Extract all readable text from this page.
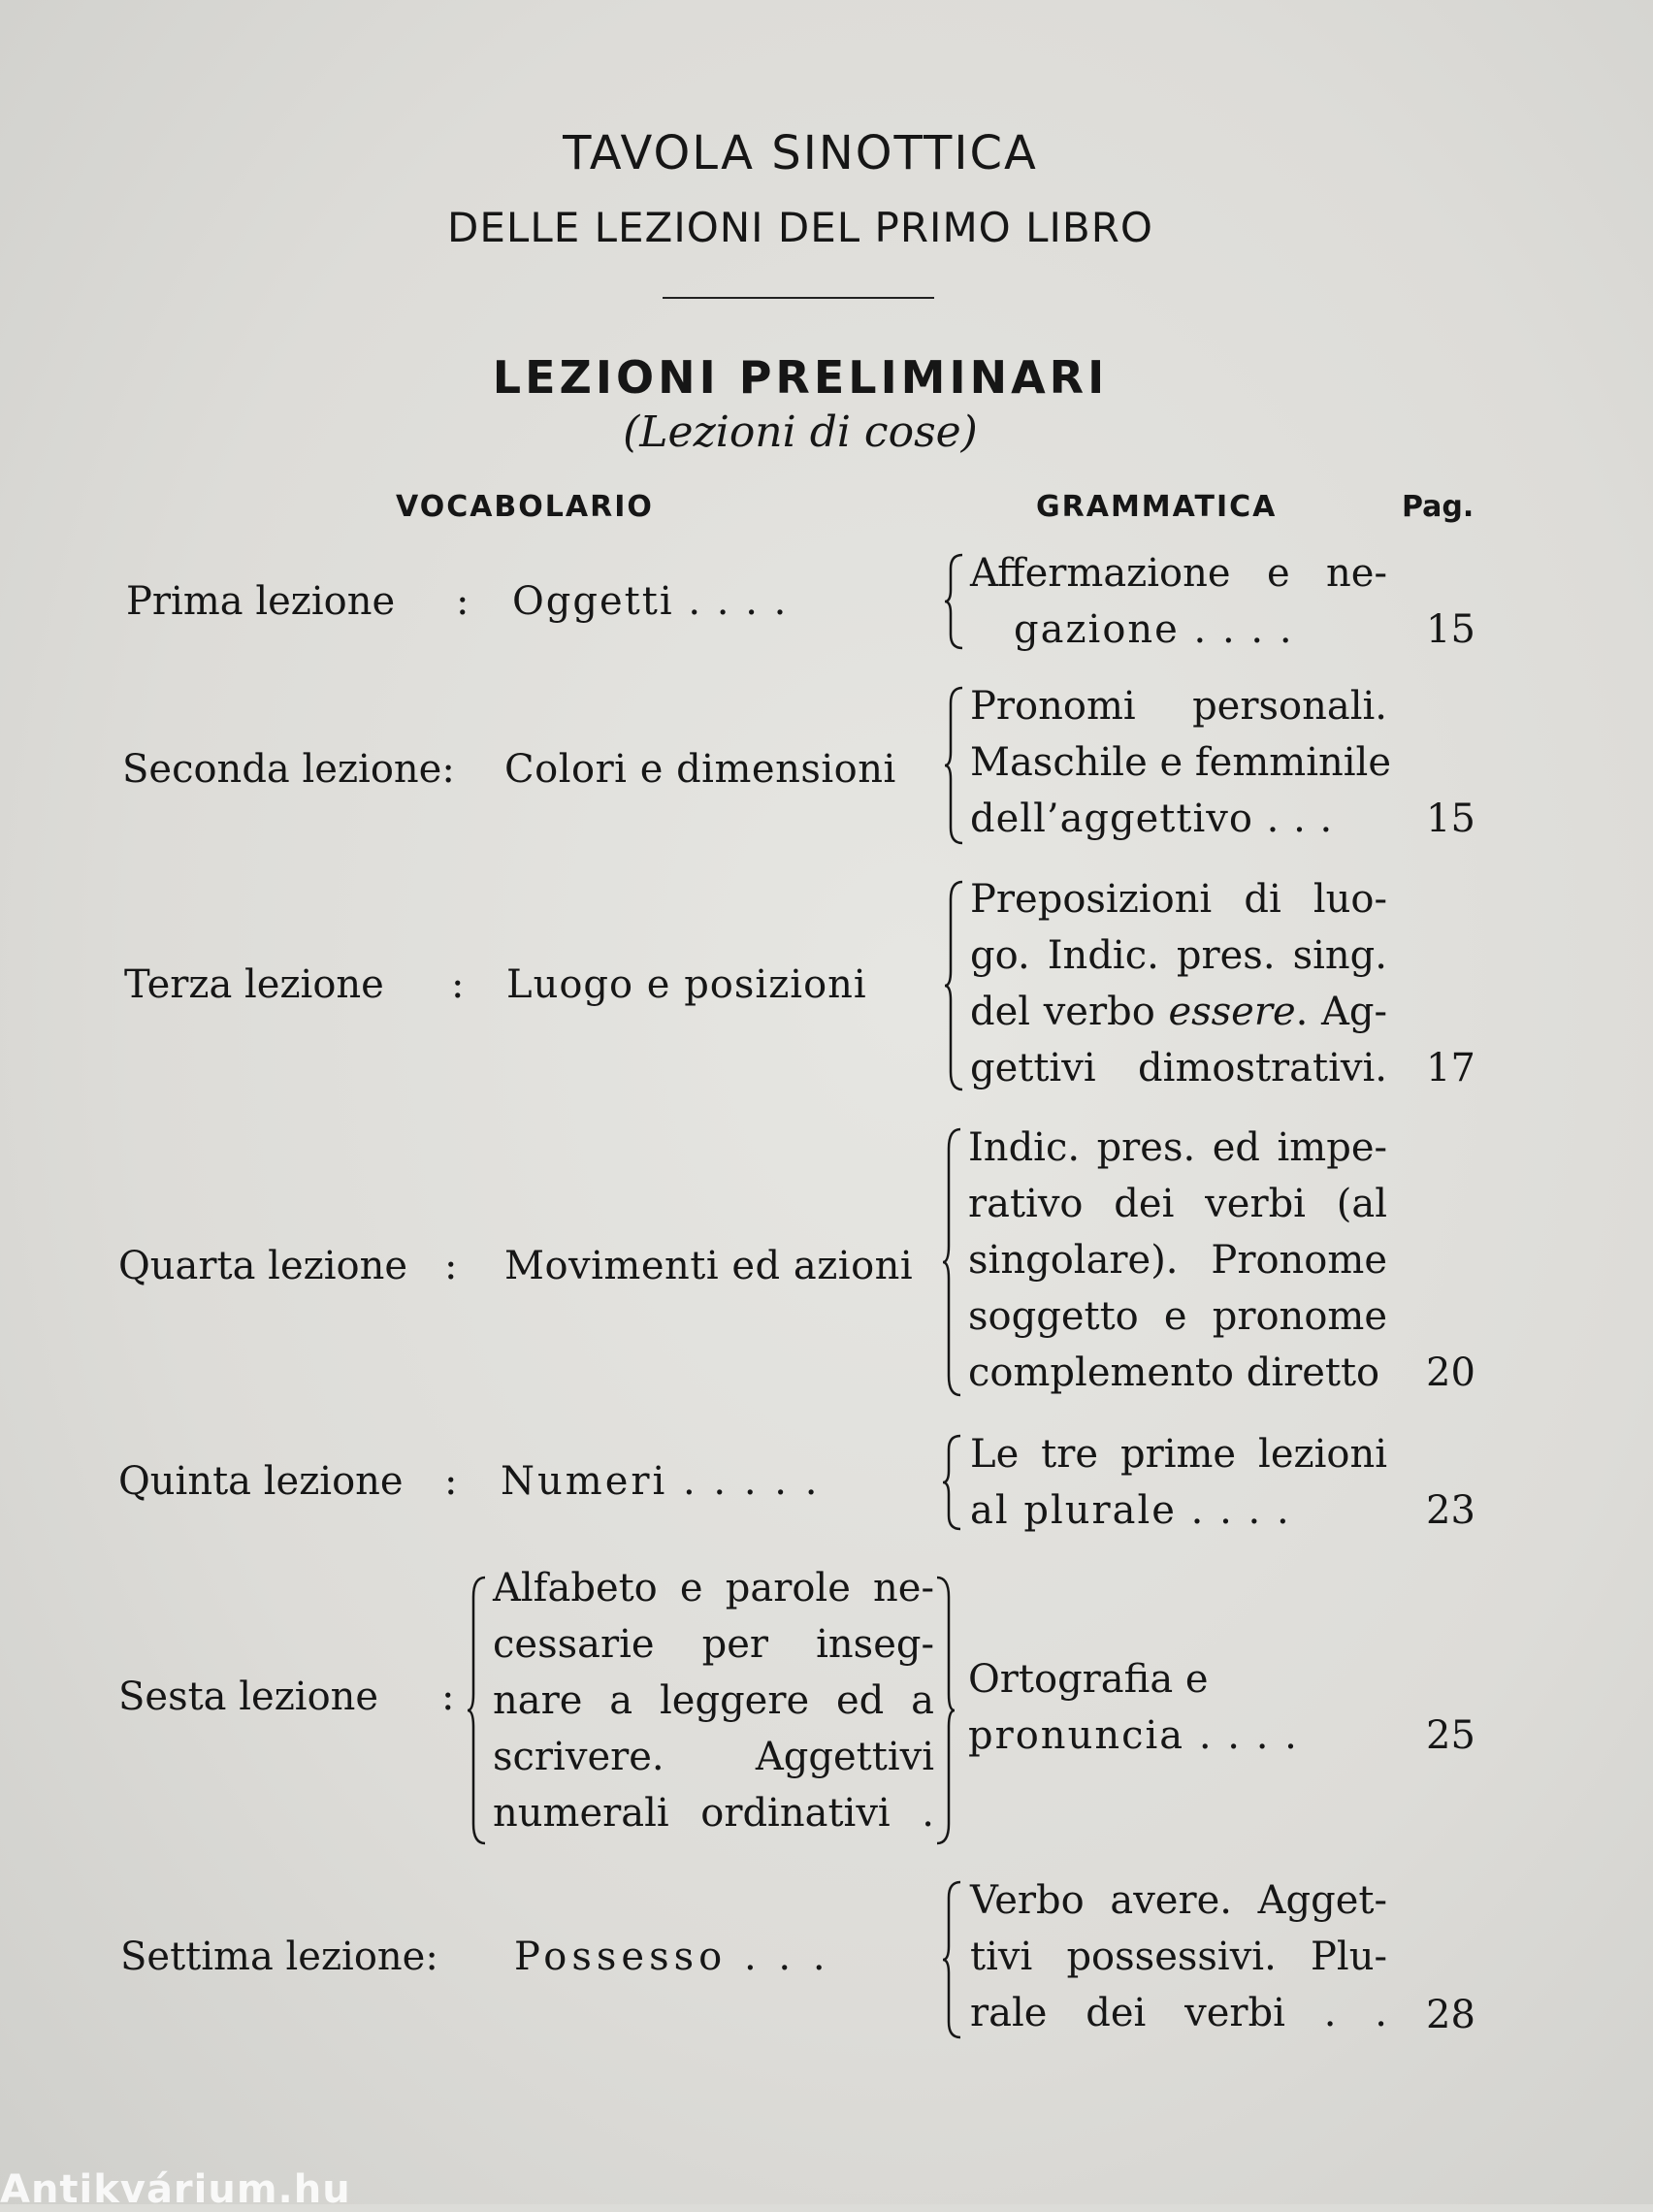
TAVOLA SINOTTICA
DELLE LEZIONI DEL PRIMO LIBRO
LEZIONI PRELIMINARI
(Lezioni di cose)
VOCABOLARIO	GRAMMATICA	Pag.
Prima lezione : Oggetti . . . .
Affermazione e ne-
gazione . . . .	15
Seconda lezione: Colori e dimensioni
Pronomi personali.
Maschile e femminile
dell’aggettivo . . .	15
Terza lezione : Luogo e posizioni
Preposizioni di luo-
go. Indic. pres. sing.
del verbo essere. Ag-
gettivi dimostrativi. 17
Quarta lezione : Movimenti ed azioni
Indic. pres. ed impe-
rativo dei verbi (al
singolare). Pronome
soggetto e pronome
complemento diretto 20
Quinta lezione : Numeri . . . . .
Le tre prime lezioni
al plurale . . . .	23
Sesta lezione :
Alfabeto e parole ne-
cessarie per inseg-
nare a leggere ed a
scrivere. Aggettivi
numerali ordinativi .
Ortografia e
pronuncia . . . .	25
Settima lezione: Possesso . . .
Verbo avere. Agget-
tivi possessivi. Plu-
rale dei verbi . . 28
Antikvárium.hu
